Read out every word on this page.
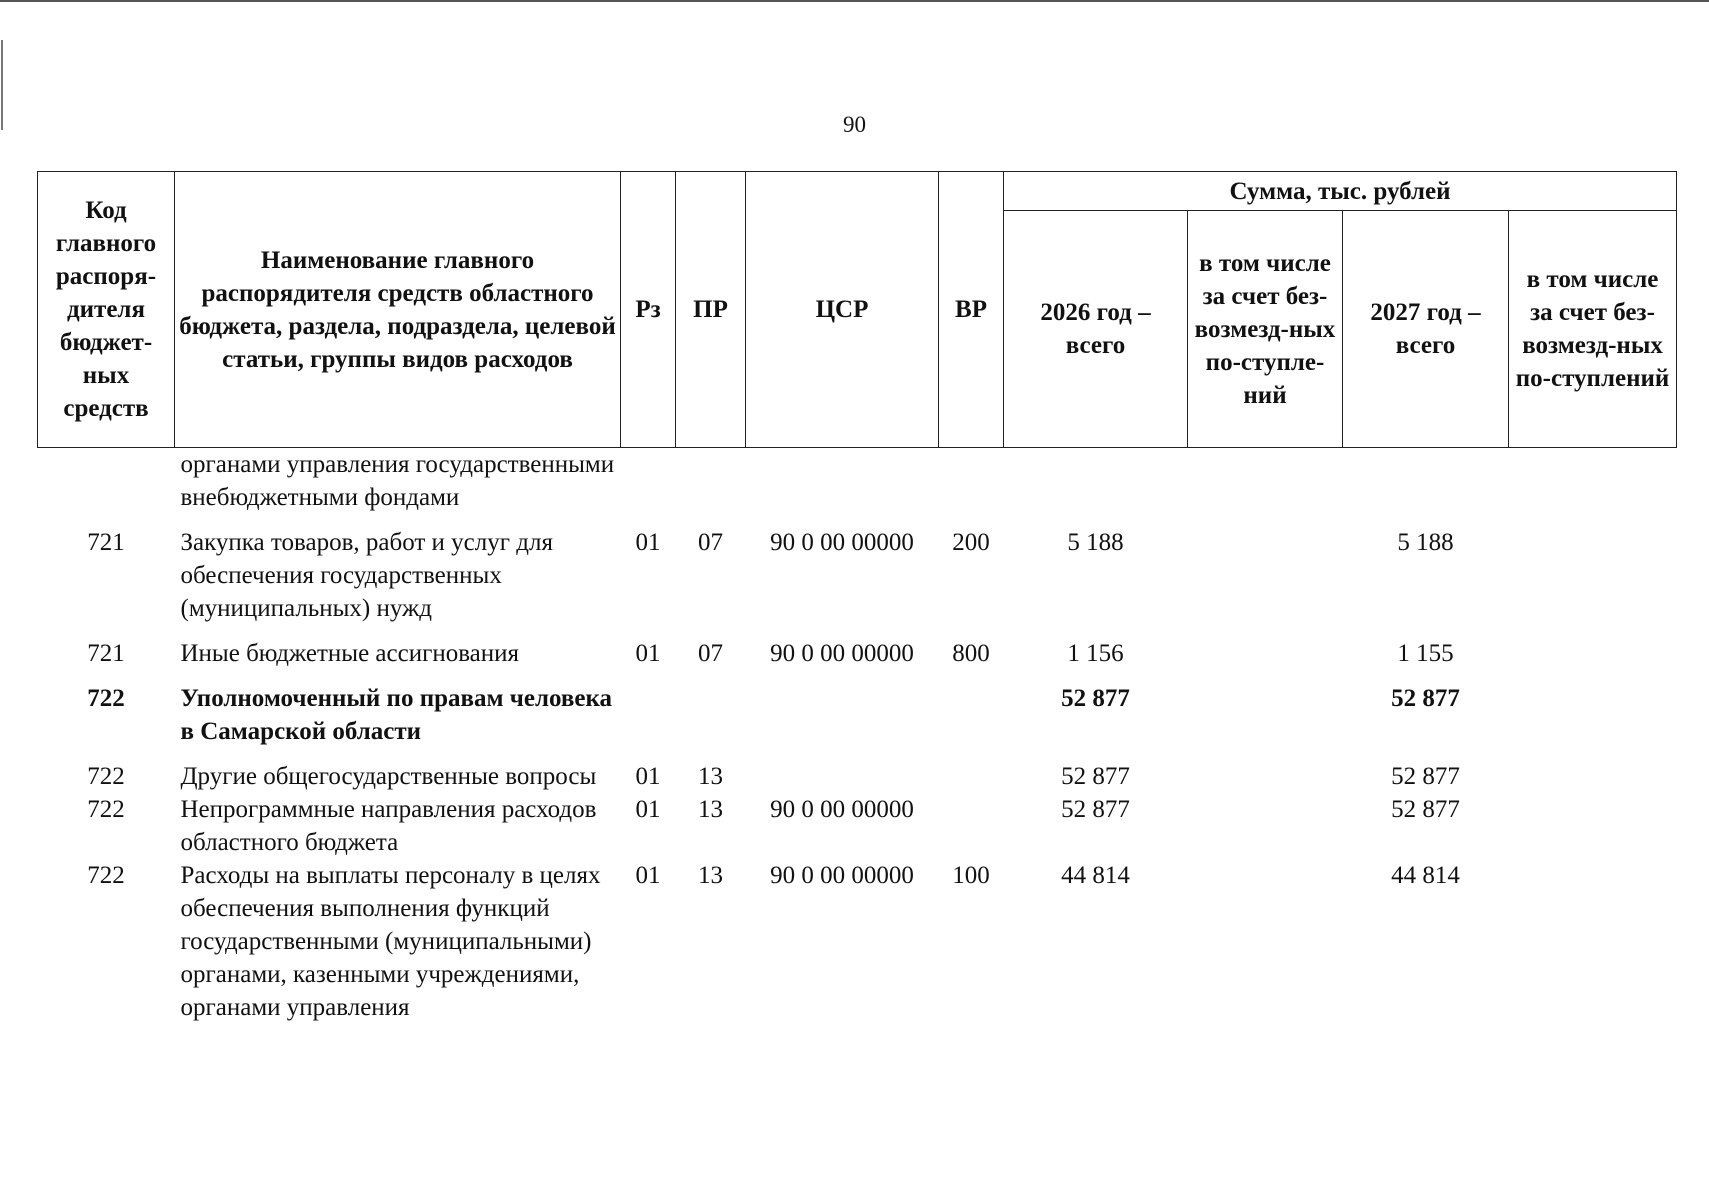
90
Код главного распоря-дителя бюджет-ных средств	Наименование главного распорядителя средств областного бюджета, раздела, подраздела, целевой статьи, группы видов расходов	Рз	ПР	ЦСР	ВР	Сумма, тыс. рублей			
						2026 год – всего	в том числе за счет без-возмезд-ных по-ступле-ний	2027 год – всего	в том числе за счет без-возмезд-ных по-ступлений
	органами управления государственными внебюджетными фондами								
721	Закупка товаров, работ и услуг для обеспечения государственных (муниципальных) нужд	01	07	90 0 00 00000	200	5 188		5 188	
721	Иные бюджетные ассигнования	01	07	90 0 00 00000	800	1 156		1 155	
722	Уполномоченный по правам человека в Самарской области					52 877		52 877	
722	Другие общегосударственные вопросы	01	13			52 877		52 877	
722	Непрограммные направления расходов областного бюджета	01	13	90 0 00 00000		52 877		52 877	
722	Расходы на выплаты персоналу в целях обеспечения выполнения функций государственными (муниципальными) органами, казенными учреждениями, органами управления	01	13	90 0 00 00000	100	44 814		44 814	
